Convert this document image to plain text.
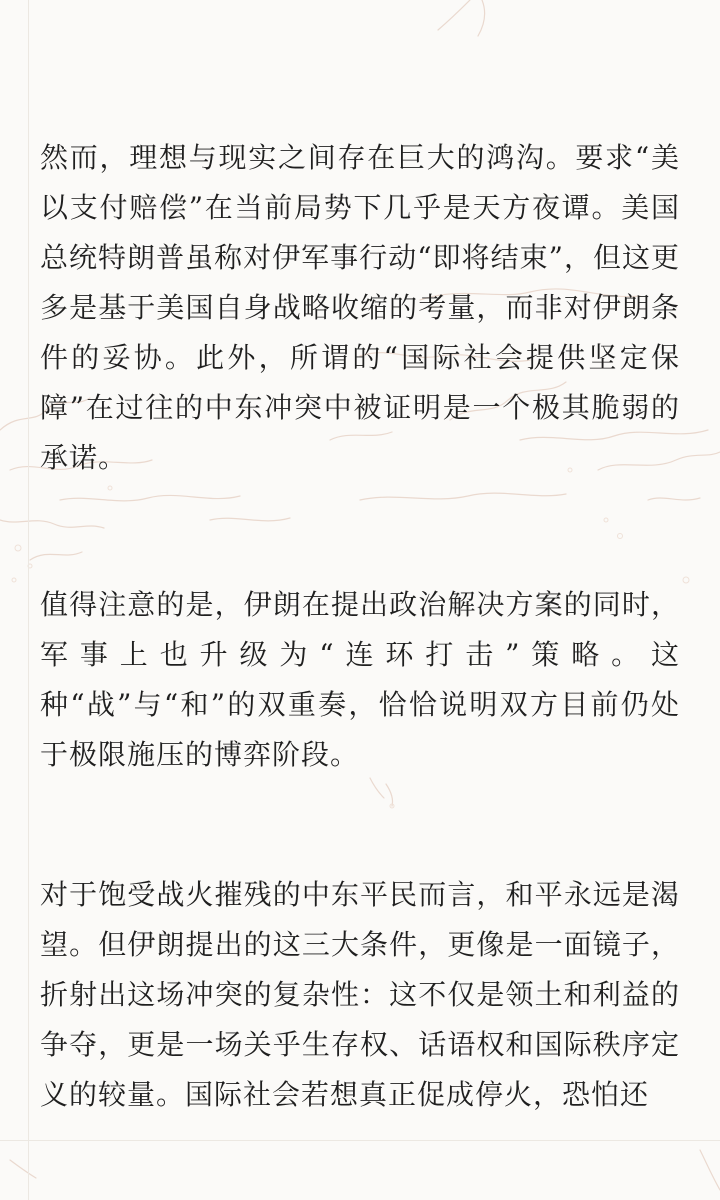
然而，理想与现实之间存在巨大的鸿沟。要求“美以支付赔偿”在当前局势下几乎是天方夜谭。美国总统特朗普虽称对伊军事行动“即将结束”，但这更多是基于美国自身战略收缩的考量，而非对伊朗条件的妥协。此外，所谓的“国际社会提供坚定保障”在过往的中东冲突中被证明是一个极其脆弱的承诺。

值得注意的是，伊朗在提出政治解决方案的同时，军事上也升级为“连环打击”策略。这种“战”与“和”的双重奏，恰恰说明双方目前仍处于极限施压的博弈阶段。

对于饱受战火摧残的中东平民而言，和平永远是渴望。但伊朗提出的这三大条件，更像是一面镜子，折射出这场冲突的复杂性：这不仅是领土和利益的争夺，更是一场关乎生存权、话语权和国际秩序定义的较量。国际社会若想真正促成停火，恐怕还
